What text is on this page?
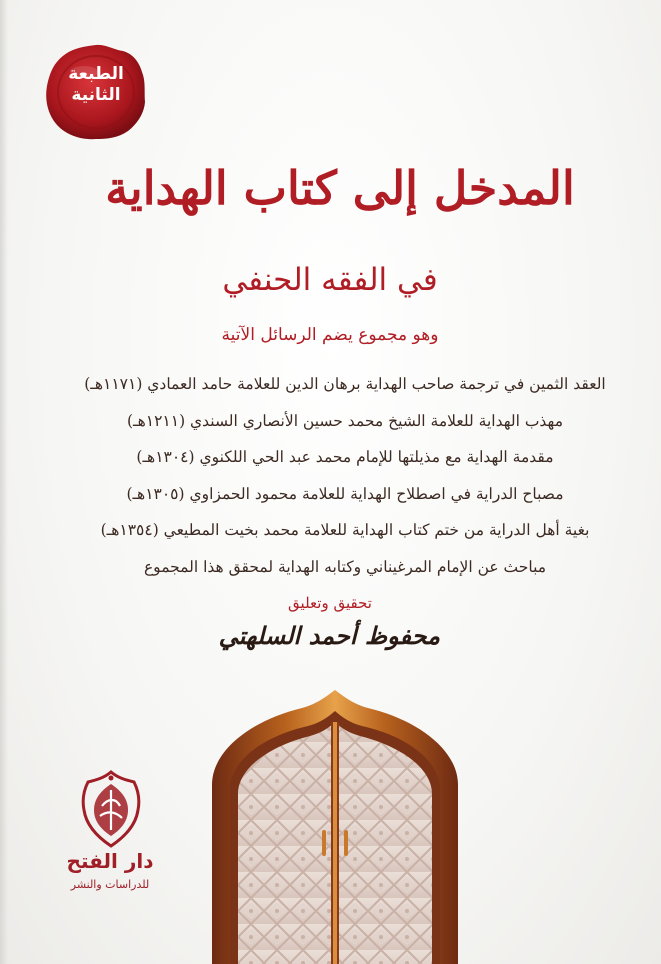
الطبعة الثانية
المدخل إلى كتاب الهداية
في الفقه الحنفي
وهو مجموع يضم الرسائل الآتية
العقد الثمين في ترجمة صاحب الهداية برهان الدين للعلامة حامد العمادي (١١٧١هـ)
مهذب الهداية للعلامة الشيخ محمد حسين الأنصاري السندي (١٢١١هـ)
مقدمة الهداية مع مذيلتها للإمام محمد عبد الحي اللكنوي (١٣٠٤هـ)
مصباح الدراية في اصطلاح الهداية للعلامة محمود الحمزاوي (١٣٠٥هـ)
بغية أهل الدراية من ختم كتاب الهداية للعلامة محمد بخيت المطيعي (١٣٥٤هـ)
مباحث عن الإمام المرغيناني وكتابه الهداية لمحقق هذا المجموع
تحقيق وتعليق
محفوظ أحمد السلهتي
دار الفتح
للدراسات والنشر
